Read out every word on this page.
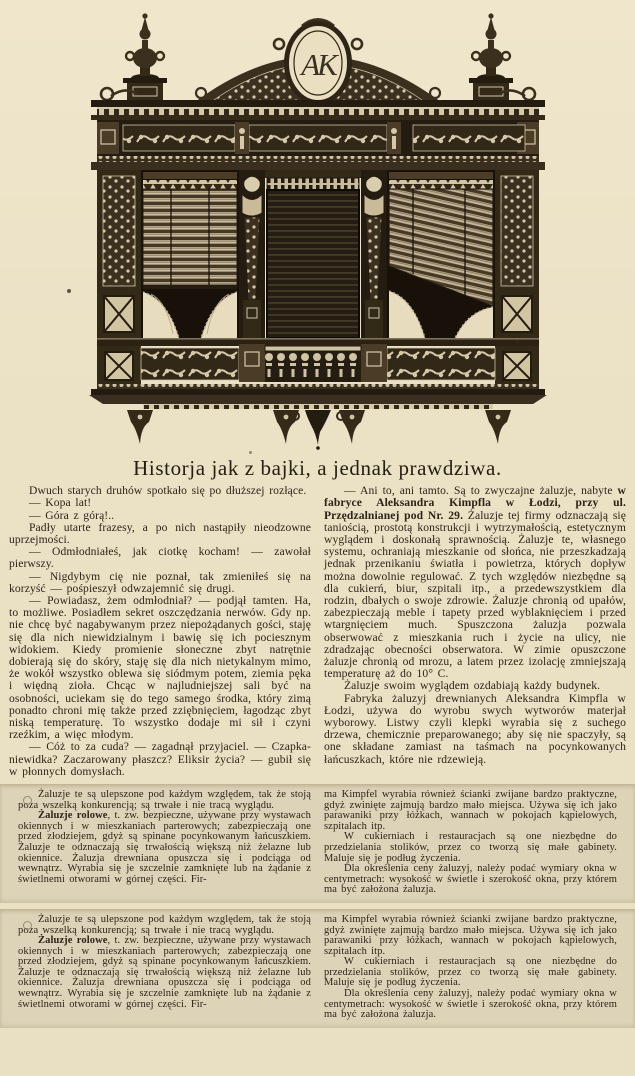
AK
Historja jak z bajki, a jednak prawdziwa.

Dwuch starych druhów spotkało się po dłuższej rozłące.

— Kopa lat!

— Góra z górą!..

Padły utarte frazesy, a po nich nastąpiły nieodzowne uprzejmości.

— Odmłodniałeś, jak ciotkę kocham! — zawołał pierwszy.

— Nigdybym cię nie poznał, tak zmieniłeś się na korzyść — pośpieszył odwzajemnić się drugi.

— Powiadasz, żem odmłodniał? — podjął tamten. Ha, to możliwe. Posiadłem sekret oszczędzania nerwów. Gdy np. nie chcę być nagabywanym przez niepożądanych gości, staję się dla nich niewidzialnym i bawię się ich pociesznym widokiem. Kiedy promienie słoneczne zbyt natrętnie dobierają się do skóry, staję się dla nich nietykalnym mimo, że wokół wszystko oblewa się siódmym potem, ziemia pęka i więdną zioła. Chcąc w najludniejszej sali być na osobności, uciekam się do tego samego środka, który zimą ponadto chroni mię także przed zziębnięciem, łagodząc zbyt niską temperaturę. To wszystko dodaje mi sił i czyni rzeźkim, a więc młodym.

— Cóż to za cuda? — zagadnął przyjaciel. — Czapka-niewidka? Zaczarowany płaszcz? Eliksir życia? — gubił się w płonnych domysłach.

— Ani to, ani tamto. Są to zwyczajne żaluzje, nabyte w fabryce Aleksandra Kimpfla w Łodzi, przy ul. Przędzalnianej pod Nr. 29. Żaluzje tej firmy odznaczają się taniością, prostotą konstrukcji i wytrzymałością, estetycznym wyglądem i doskonałą sprawnością. Żaluzje te, własnego systemu, ochraniają mieszkanie od słońca, nie przeszkadzają jednak przenikaniu światła i powietrza, których dopływ można dowolnie regulować. Z tych względów niezbędne są dla cukierń, biur, szpitali itp., a przedewszystkiem dla rodzin, dbałych o swoje zdrowie. Żaluzje chronią od upałów, zabezpieczają meble i tapety przed wyblaknięciem i przed wtargnięciem much. Spuszczona żaluzja pozwala obserwować z mieszkania ruch i życie na ulicy, nie zdradzając obecności obserwatora. W zimie opuszczone żaluzje chronią od mrozu, a latem przez izolację zmniejszają temperaturę aż do 10° C.

Żaluzje swoim wyglądem ozdabiają każdy budynek.

Fabryka żaluzyj drewnianych Aleksandra Kimpfla w Łodzi, używa do wyrobu swych wytworów materjał wyborowy. Listwy czyli klepki wyrabia się z suchego drzewa, chemicznie preparowanego; aby się nie spaczyły, są one składane zamiast na taśmach na pocynkowanych łańcuszkach, które nie rdzewieją.

Żaluzje te są ulepszone pod każdym względem, tak że stoją poza wszelką konkurencją; są trwałe i nie tracą wyglądu.

Żaluzje rolowe, t. zw. bezpieczne, używane przy wystawach okiennych i w mieszkaniach parterowych; zabezpieczają one przed złodziejem, gdyż są spinane pocynkowanym łańcuszkiem. Żaluzje te odznaczają się trwałością większą niż żelazne lub okiennice. Żaluzja drewniana opuszcza się i podciąga od wewnątrz. Wyrabia się je szczelnie zamknięte lub na żądanie z świetlnemi otworami w górnej części. Fir-

ma Kimpfel wyrabia również ścianki zwijane bardzo praktyczne, gdyż zwinięte zajmują bardzo mało miejsca. Używa się ich jako parawaniki przy łóżkach, wannach w pokojach kąpielowych, szpitalach itp.

W cukierniach i restauracjach są one niezbędne do przedzielania stolików, przez co tworzą się małe gabinety. Maluje się je podług życzenia.

Dla określenia ceny żaluzyj, należy podać wymiary okna w centymetrach: wysokość w świetle i szerokość okna, przy którem ma być założona żaluzja.

Żaluzje te są ulepszone pod każdym względem, tak że stoją poza wszelką konkurencją; są trwałe i nie tracą wyglądu.

Żaluzje rolowe, t. zw. bezpieczne, używane przy wystawach okiennych i w mieszkaniach parterowych; zabezpieczają one przed złodziejem, gdyż są spinane pocynkowanym łańcuszkiem. Żaluzje te odznaczają się trwałością większą niż żelazne lub okiennice. Żaluzja drewniana opuszcza się i podciąga od wewnątrz. Wyrabia się je szczelnie zamknięte lub na żądanie z świetlnemi otworami w górnej części. Fir-

ma Kimpfel wyrabia również ścianki zwijane bardzo praktyczne, gdyż zwinięte zajmują bardzo mało miejsca. Używa się ich jako parawaniki przy łóżkach, wannach w pokojach kąpielowych, szpitalach itp.

W cukierniach i restauracjach są one niezbędne do przedzielania stolików, przez co tworzą się małe gabinety. Maluje się je podług życzenia.

Dla określenia ceny żaluzyj, należy podać wymiary okna w centymetrach: wysokość w świetle i szerokość okna, przy którem ma być założona żaluzja.
